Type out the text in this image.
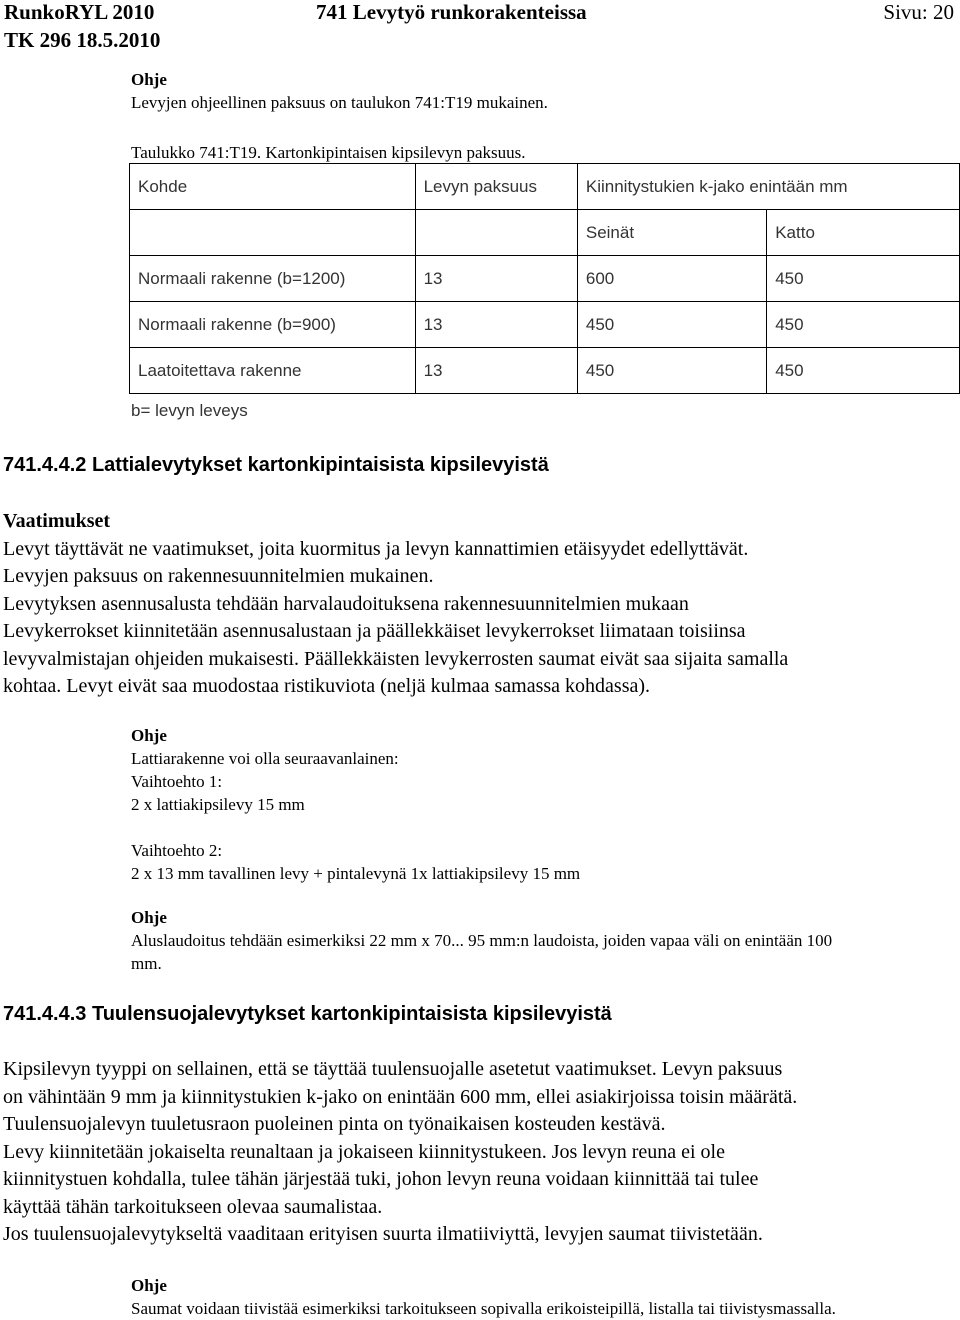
RunkoRYL 2010
TK 296 18.5.2010
741 Levytyö runkorakenteissa	Sivu: 20
Ohje
Levyjen ohjeellinen paksuus on taulukon 741:T19 mukainen.
Taulukko 741:T19. Kartonkipintaisen kipsilevyn paksuus.
Kohde	Levyn paksuus	Kiinnitystukien k-jako enintään mm	
		Seinät	Katto
Normaali rakenne (b=1200)	13	600	450
Normaali rakenne (b=900)	13	450	450
Laatoitettava rakenne	13	450	450
b= levyn leveys
741.4.4.2 Lattialevytykset kartonkipintaisista kipsilevyistä
Vaatimukset
Levyt täyttävät ne vaatimukset, joita kuormitus ja levyn kannattimien etäisyydet edellyttävät.
Levyjen paksuus on rakennesuunnitelmien mukainen.
Levytyksen asennusalusta tehdään harvalaudoituksena rakennesuunnitelmien mukaan
Levykerrokset kiinnitetään asennusalustaan ja päällekkäiset levykerrokset liimataan toisiinsa
levyvalmistajan ohjeiden mukaisesti. Päällekkäisten levykerrosten saumat eivät saa sijaita samalla
kohtaa. Levyt eivät saa muodostaa ristikuviota (neljä kulmaa samassa kohdassa).
Ohje
Lattiarakenne voi olla seuraavanlainen:
Vaihtoehto 1:
2 x lattiakipsilevy 15 mm
Vaihtoehto 2:
2 x 13 mm tavallinen levy + pintalevynä 1x lattiakipsilevy 15 mm
Ohje
Aluslaudoitus tehdään esimerkiksi 22 mm x 70... 95 mm:n laudoista, joiden vapaa väli on enintään 100
mm.
741.4.4.3 Tuulensuojalevytykset kartonkipintaisista kipsilevyistä
Kipsilevyn tyyppi on sellainen, että se täyttää tuulensuojalle asetetut vaatimukset. Levyn paksuus
on vähintään 9 mm ja kiinnitystukien k-jako on enintään 600 mm, ellei asiakirjoissa toisin määrätä.
Tuulensuojalevyn tuuletusraon puoleinen pinta on työnaikaisen kosteuden kestävä.
Levy kiinnitetään jokaiselta reunaltaan ja jokaiseen kiinnitystukeen. Jos levyn reuna ei ole
kiinnitystuen kohdalla, tulee tähän järjestää tuki, johon levyn reuna voidaan kiinnittää tai tulee
käyttää tähän tarkoitukseen olevaa saumalistaa.
Jos tuulensuojalevytykseltä vaaditaan erityisen suurta ilmatiiviyttä, levyjen saumat tiivistetään.
Ohje
Saumat voidaan tiivistää esimerkiksi tarkoitukseen sopivalla erikoisteipillä, listalla tai tiivistysmassalla.
